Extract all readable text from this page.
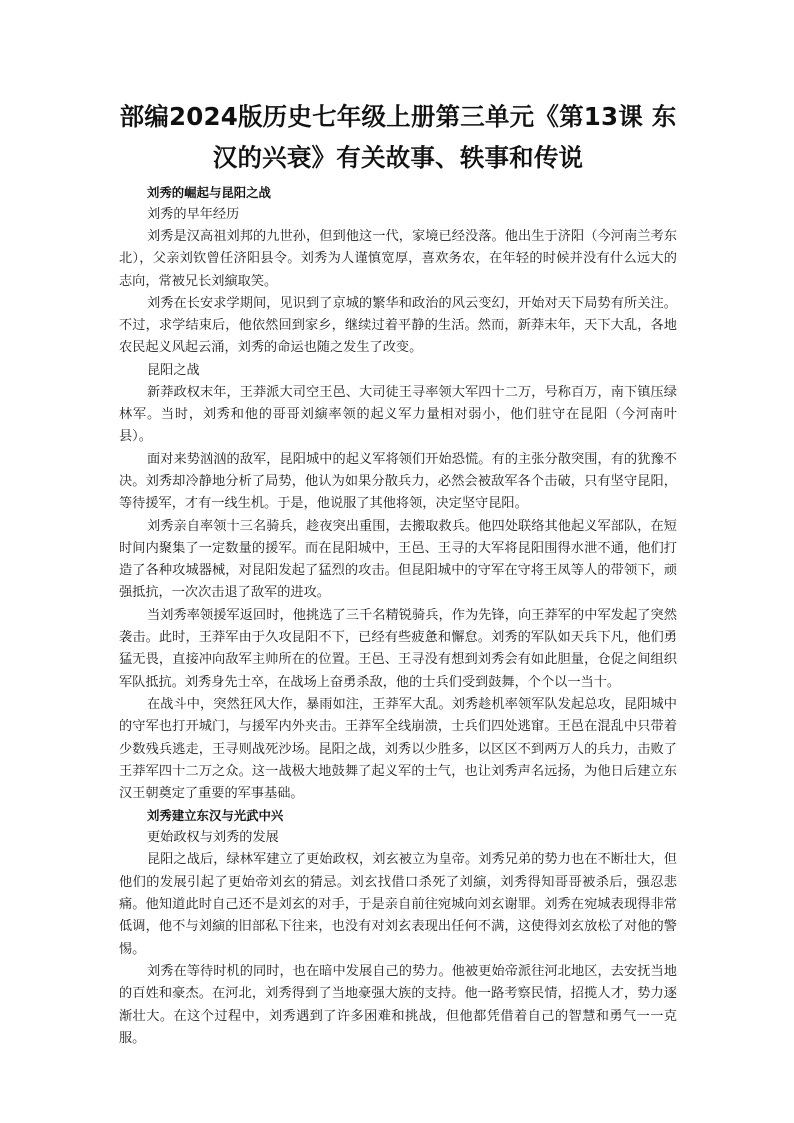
部编2024版历史七年级上册第三单元《第13课 东
汉的兴衰》有关故事、轶事和传说
刘秀的崛起与昆阳之战
刘秀的早年经历

刘秀是汉高祖刘邦的九世孙，但到他这一代，家境已经没落。他出生于济阳（今河南兰考东北），父亲刘钦曾任济阳县令。刘秀为人谨慎宽厚，喜欢务农，在年轻的时候并没有什么远大的志向，常被兄长刘縯取笑。

刘秀在长安求学期间，见识到了京城的繁华和政治的风云变幻，开始对天下局势有所关注。不过，求学结束后，他依然回到家乡，继续过着平静的生活。然而，新莽末年，天下大乱，各地农民起义风起云涌，刘秀的命运也随之发生了改变。

昆阳之战

新莽政权末年，王莽派大司空王邑、大司徒王寻率领大军四十二万，号称百万，南下镇压绿林军。当时，刘秀和他的哥哥刘縯率领的起义军力量相对弱小，他们驻守在昆阳（今河南叶县）。

面对来势汹汹的敌军，昆阳城中的起义军将领们开始恐慌。有的主张分散突围，有的犹豫不决。刘秀却冷静地分析了局势，他认为如果分散兵力，必然会被敌军各个击破，只有坚守昆阳，等待援军，才有一线生机。于是，他说服了其他将领，决定坚守昆阳。

刘秀亲自率领十三名骑兵，趁夜突出重围，去搬取救兵。他四处联络其他起义军部队，在短时间内聚集了一定数量的援军。而在昆阳城中，王邑、王寻的大军将昆阳围得水泄不通，他们打造了各种攻城器械，对昆阳发起了猛烈的攻击。但昆阳城中的守军在守将王凤等人的带领下，顽强抵抗，一次次击退了敌军的进攻。

当刘秀率领援军返回时，他挑选了三千名精锐骑兵，作为先锋，向王莽军的中军发起了突然袭击。此时，王莽军由于久攻昆阳不下，已经有些疲惫和懈怠。刘秀的军队如天兵下凡，他们勇猛无畏，直接冲向敌军主帅所在的位置。王邑、王寻没有想到刘秀会有如此胆量，仓促之间组织军队抵抗。刘秀身先士卒，在战场上奋勇杀敌，他的士兵们受到鼓舞，个个以一当十。

在战斗中，突然狂风大作，暴雨如注，王莽军大乱。刘秀趁机率领军队发起总攻，昆阳城中的守军也打开城门，与援军内外夹击。王莽军全线崩溃，士兵们四处逃窜。王邑在混乱中只带着少数残兵逃走，王寻则战死沙场。昆阳之战，刘秀以少胜多，以区区不到两万人的兵力，击败了王莽军四十二万之众。这一战极大地鼓舞了起义军的士气，也让刘秀声名远扬，为他日后建立东汉王朝奠定了重要的军事基础。

刘秀建立东汉与光武中兴
更始政权与刘秀的发展

昆阳之战后，绿林军建立了更始政权，刘玄被立为皇帝。刘秀兄弟的势力也在不断壮大，但他们的发展引起了更始帝刘玄的猜忌。刘玄找借口杀死了刘縯，刘秀得知哥哥被杀后，强忍悲痛。他知道此时自己还不是刘玄的对手，于是亲自前往宛城向刘玄谢罪。刘秀在宛城表现得非常低调，他不与刘縯的旧部私下往来，也没有对刘玄表现出任何不满，这使得刘玄放松了对他的警惕。

刘秀在等待时机的同时，也在暗中发展自己的势力。他被更始帝派往河北地区，去安抚当地的百姓和豪杰。在河北，刘秀得到了当地豪强大族的支持。他一路考察民情，招揽人才，势力逐渐壮大。在这个过程中，刘秀遇到了许多困难和挑战，但他都凭借着自己的智慧和勇气一一克服。
